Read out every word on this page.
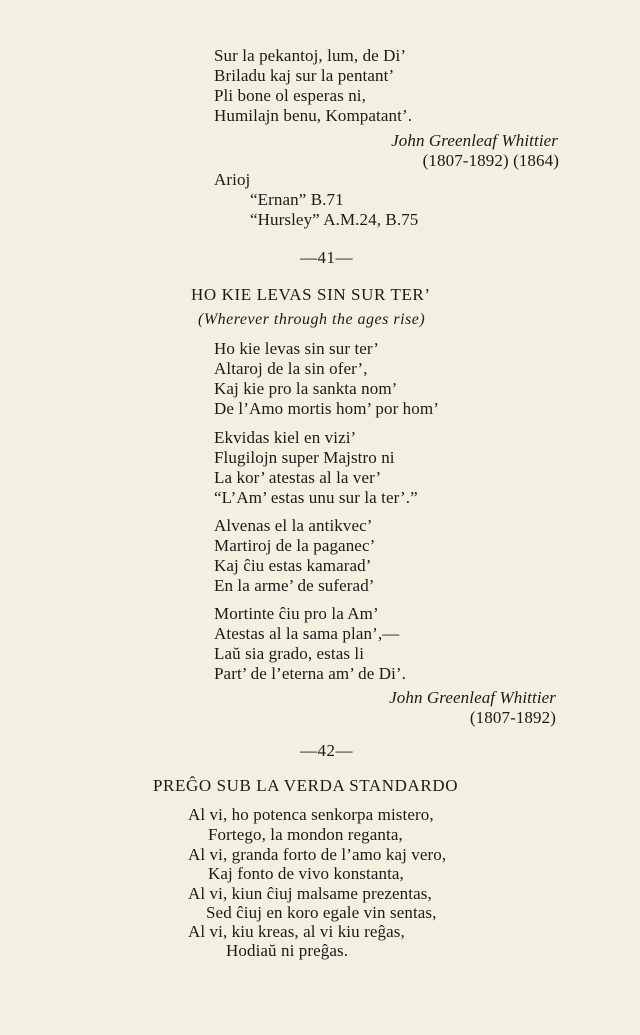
Sur la pekantoj, lum, de Di’
Briladu kaj sur la pentant’
Pli bone ol esperas ni,
Humilajn benu, Kompatant’.
John Greenleaf Whittier
(1807-1892) (1864)
Arioj
“Ernan” B.71
“Hursley” A.M.24, B.75
—41—
HO KIE LEVAS SIN SUR TER’
(Wherever through the ages rise)
Ho kie levas sin sur ter’
Altaroj de la sin ofer’,
Kaj kie pro la sankta nom’
De l’Amo mortis hom’ por hom’
Ekvidas kiel en vizi’
Flugilojn super Majstro ni
La kor’ atestas al la ver’
“L’Am’ estas unu sur la ter’.”
Alvenas el la antikvec’
Martiroj de la paganec’
Kaj ĉiu estas kamarad’
En la arme’ de suferad’
Mortinte ĉiu pro la Am’
Atestas al la sama plan’,—
Laŭ sia grado, estas li
Part’ de l’eterna am’ de Di’.
John Greenleaf Whittier
(1807-1892)
—42—
PREĜO SUB LA VERDA STANDARDO
Al vi, ho potenca senkorpa mistero,
Fortego, la mondon reganta,
Al vi, granda forto de l’amo kaj vero,
Kaj fonto de vivo konstanta,
Al vi, kiun ĉiuj malsame prezentas,
Sed ĉiuj en koro egale vin sentas,
Al vi, kiu kreas, al vi kiu reĝas,
Hodiaŭ ni preĝas.
